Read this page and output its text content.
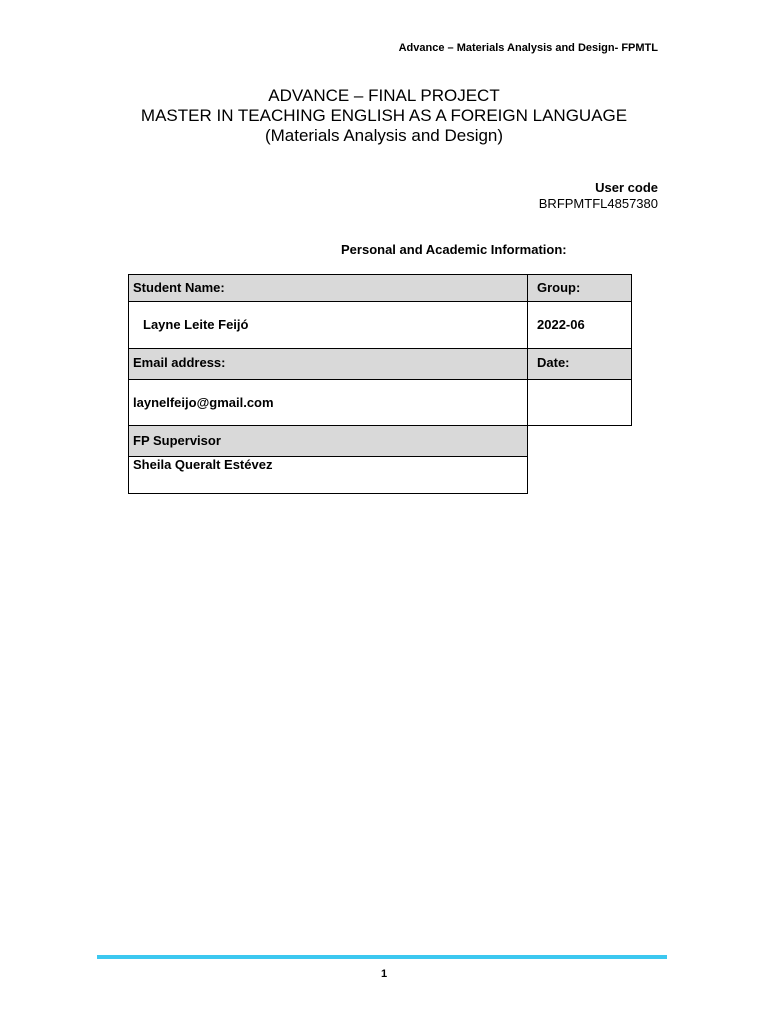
Advance – Materials Analysis and Design- FPMTL
ADVANCE – FINAL PROJECT
MASTER IN TEACHING ENGLISH AS A FOREIGN LANGUAGE
(Materials Analysis and Design)
User code
BRFPMTFL4857380
Personal and Academic Information:
Student Name:	Group:
Layne Leite Feijó	2022-06
Email address:	Date:
laynelfeijo@gmail.com
FP Supervisor
Sheila Queralt Estévez
1
